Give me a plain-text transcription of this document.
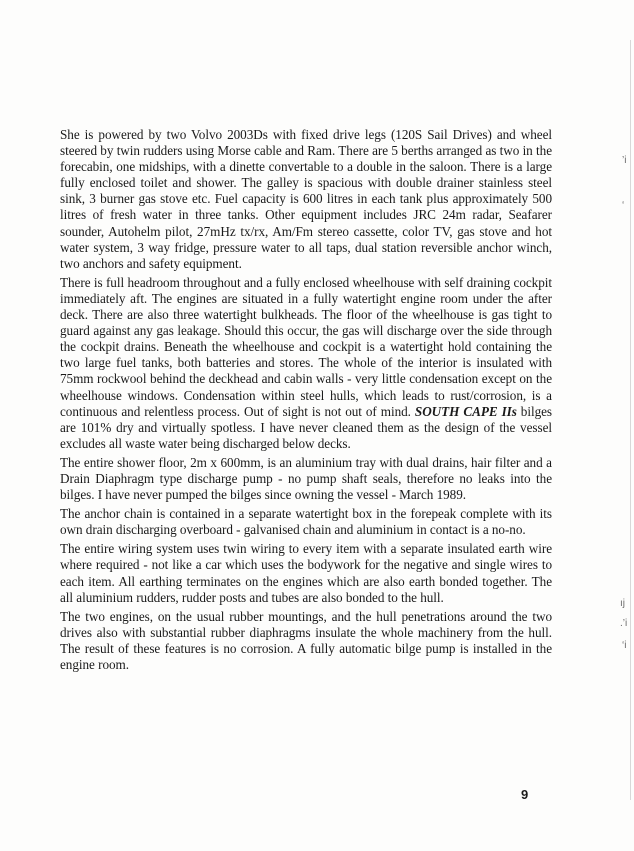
She is powered by two Volvo 2003Ds with fixed drive legs (120S Sail Drives) and wheel steered by twin rudders using Morse cable and Ram. There are 5 berths arranged as two in the forecabin, one midships, with a dinette convertable to a double in the saloon. There is a large fully enclosed toilet and shower. The galley is spacious with double drainer stainless steel sink, 3 burner gas stove etc. Fuel capacity is 600 litres in each tank plus approximately 500 litres of fresh water in three tanks. Other equipment includes JRC 24m radar, Seafarer sounder, Autohelm pilot, 27mHz tx/rx, Am/Fm stereo cassette, color TV, gas stove and hot water system, 3 way fridge, pressure water to all taps, dual station reversible anchor winch, two anchors and safety equipment.

There is full headroom throughout and a fully enclosed wheelhouse with self draining cockpit immediately aft. The engines are situated in a fully watertight engine room under the after deck. There are also three watertight bulkheads. The floor of the wheelhouse is gas tight to guard against any gas leakage. Should this occur, the gas will discharge over the side through the cockpit drains. Beneath the wheelhouse and cockpit is a watertight hold containing the two large fuel tanks, both batteries and stores. The whole of the interior is insulated with 75mm rockwool behind the deckhead and cabin walls - very little condensation except on the wheelhouse windows. Condensation within steel hulls, which leads to rust/corrosion, is a continuous and relentless process. Out of sight is not out of mind. SOUTH CAPE IIs bilges are 101% dry and virtually spotless. I have never cleaned them as the design of the vessel excludes all waste water being discharged below decks.

The entire shower floor, 2m x 600mm, is an aluminium tray with dual drains, hair filter and a Drain Diaphragm type discharge pump - no pump shaft seals, therefore no leaks into the bilges. I have never pumped the bilges since owning the vessel - March 1989.

The anchor chain is contained in a separate watertight box in the forepeak complete with its own drain discharging overboard - galvanised chain and aluminium in contact is a no-no.

The entire wiring system uses twin wiring to every item with a separate insulated earth wire where required - not like a car which uses the bodywork for the negative and single wires to each item. All earthing terminates on the engines which are also earth bonded together. The all aluminium rudders, rudder posts and tubes are also bonded to the hull.

The two engines, on the usual rubber mountings, and the hull penetrations around the two drives also with substantial rubber diaphragms insulate the whole machinery from the hull. The result of these features is no corrosion. A fully automatic bilge pump is installed in the engine room.

9
’i
‘
ıj
.’i
‘i
